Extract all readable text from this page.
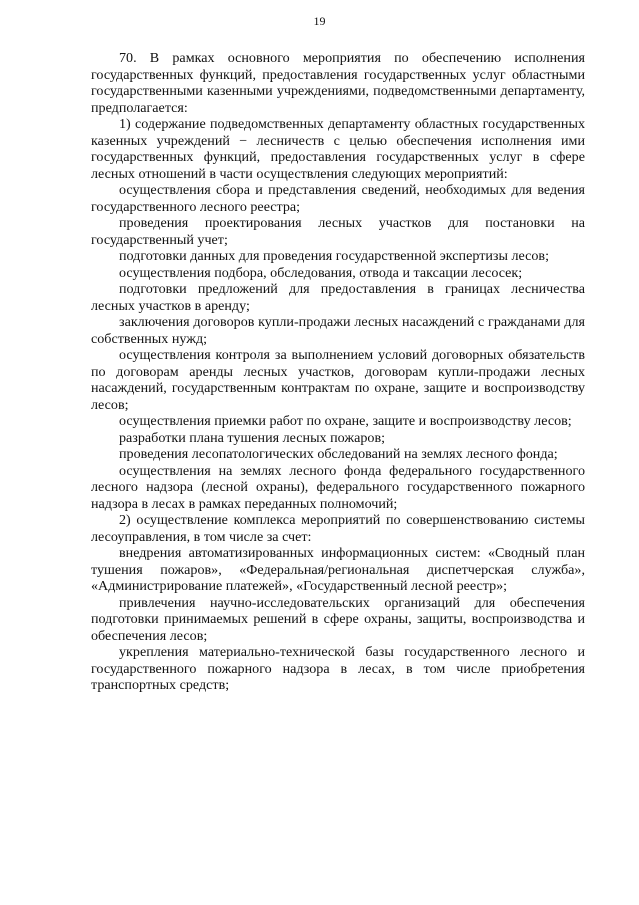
19

70. В рамках основного мероприятия по обеспечению исполнения государственных функций, предоставления государственных услуг областными государственными казенными учреждениями, подведомственными департаменту, предполагается:

1) содержание подведомственных департаменту областных государственных казенных учреждений − лесничеств с целью обеспечения исполнения ими государственных функций, предоставления государственных услуг в сфере лесных отношений в части осуществления следующих мероприятий:

осуществления сбора и представления сведений, необходимых для ведения государственного лесного реестра;

проведения проектирования лесных участков для постановки на государственный учет;

подготовки данных для проведения государственной экспертизы лесов;

осуществления подбора, обследования, отвода и таксации лесосек;

подготовки предложений для предоставления в границах лесничества лесных участков в аренду;

заключения договоров купли-продажи лесных насаждений с гражданами для собственных нужд;

осуществления контроля за выполнением условий договорных обязательств по договорам аренды лесных участков, договорам купли-продажи лесных насаждений, государственным контрактам по охране, защите и воспроизводству лесов;

осуществления приемки работ по охране, защите и воспроизводству лесов;

разработки плана тушения лесных пожаров;

проведения лесопатологических обследований на землях лесного фонда;

осуществления на землях лесного фонда федерального государственного лесного надзора (лесной охраны), федерального государственного пожарного надзора в лесах в рамках переданных полномочий;

2) осуществление комплекса мероприятий по совершенствованию системы лесоуправления, в том числе за счет:

внедрения автоматизированных информационных систем: «Сводный план тушения пожаров», «Федеральная/региональная диспетчерская служба», «Администрирование платежей», «Государственный лесной реестр»;

привлечения научно-исследовательских организаций для обеспечения подготовки принимаемых решений в сфере охраны, защиты, воспроизводства и обеспечения лесов;

укрепления материально-технической базы государственного лесного и государственного пожарного надзора в лесах, в том числе приобретения транспортных средств;
